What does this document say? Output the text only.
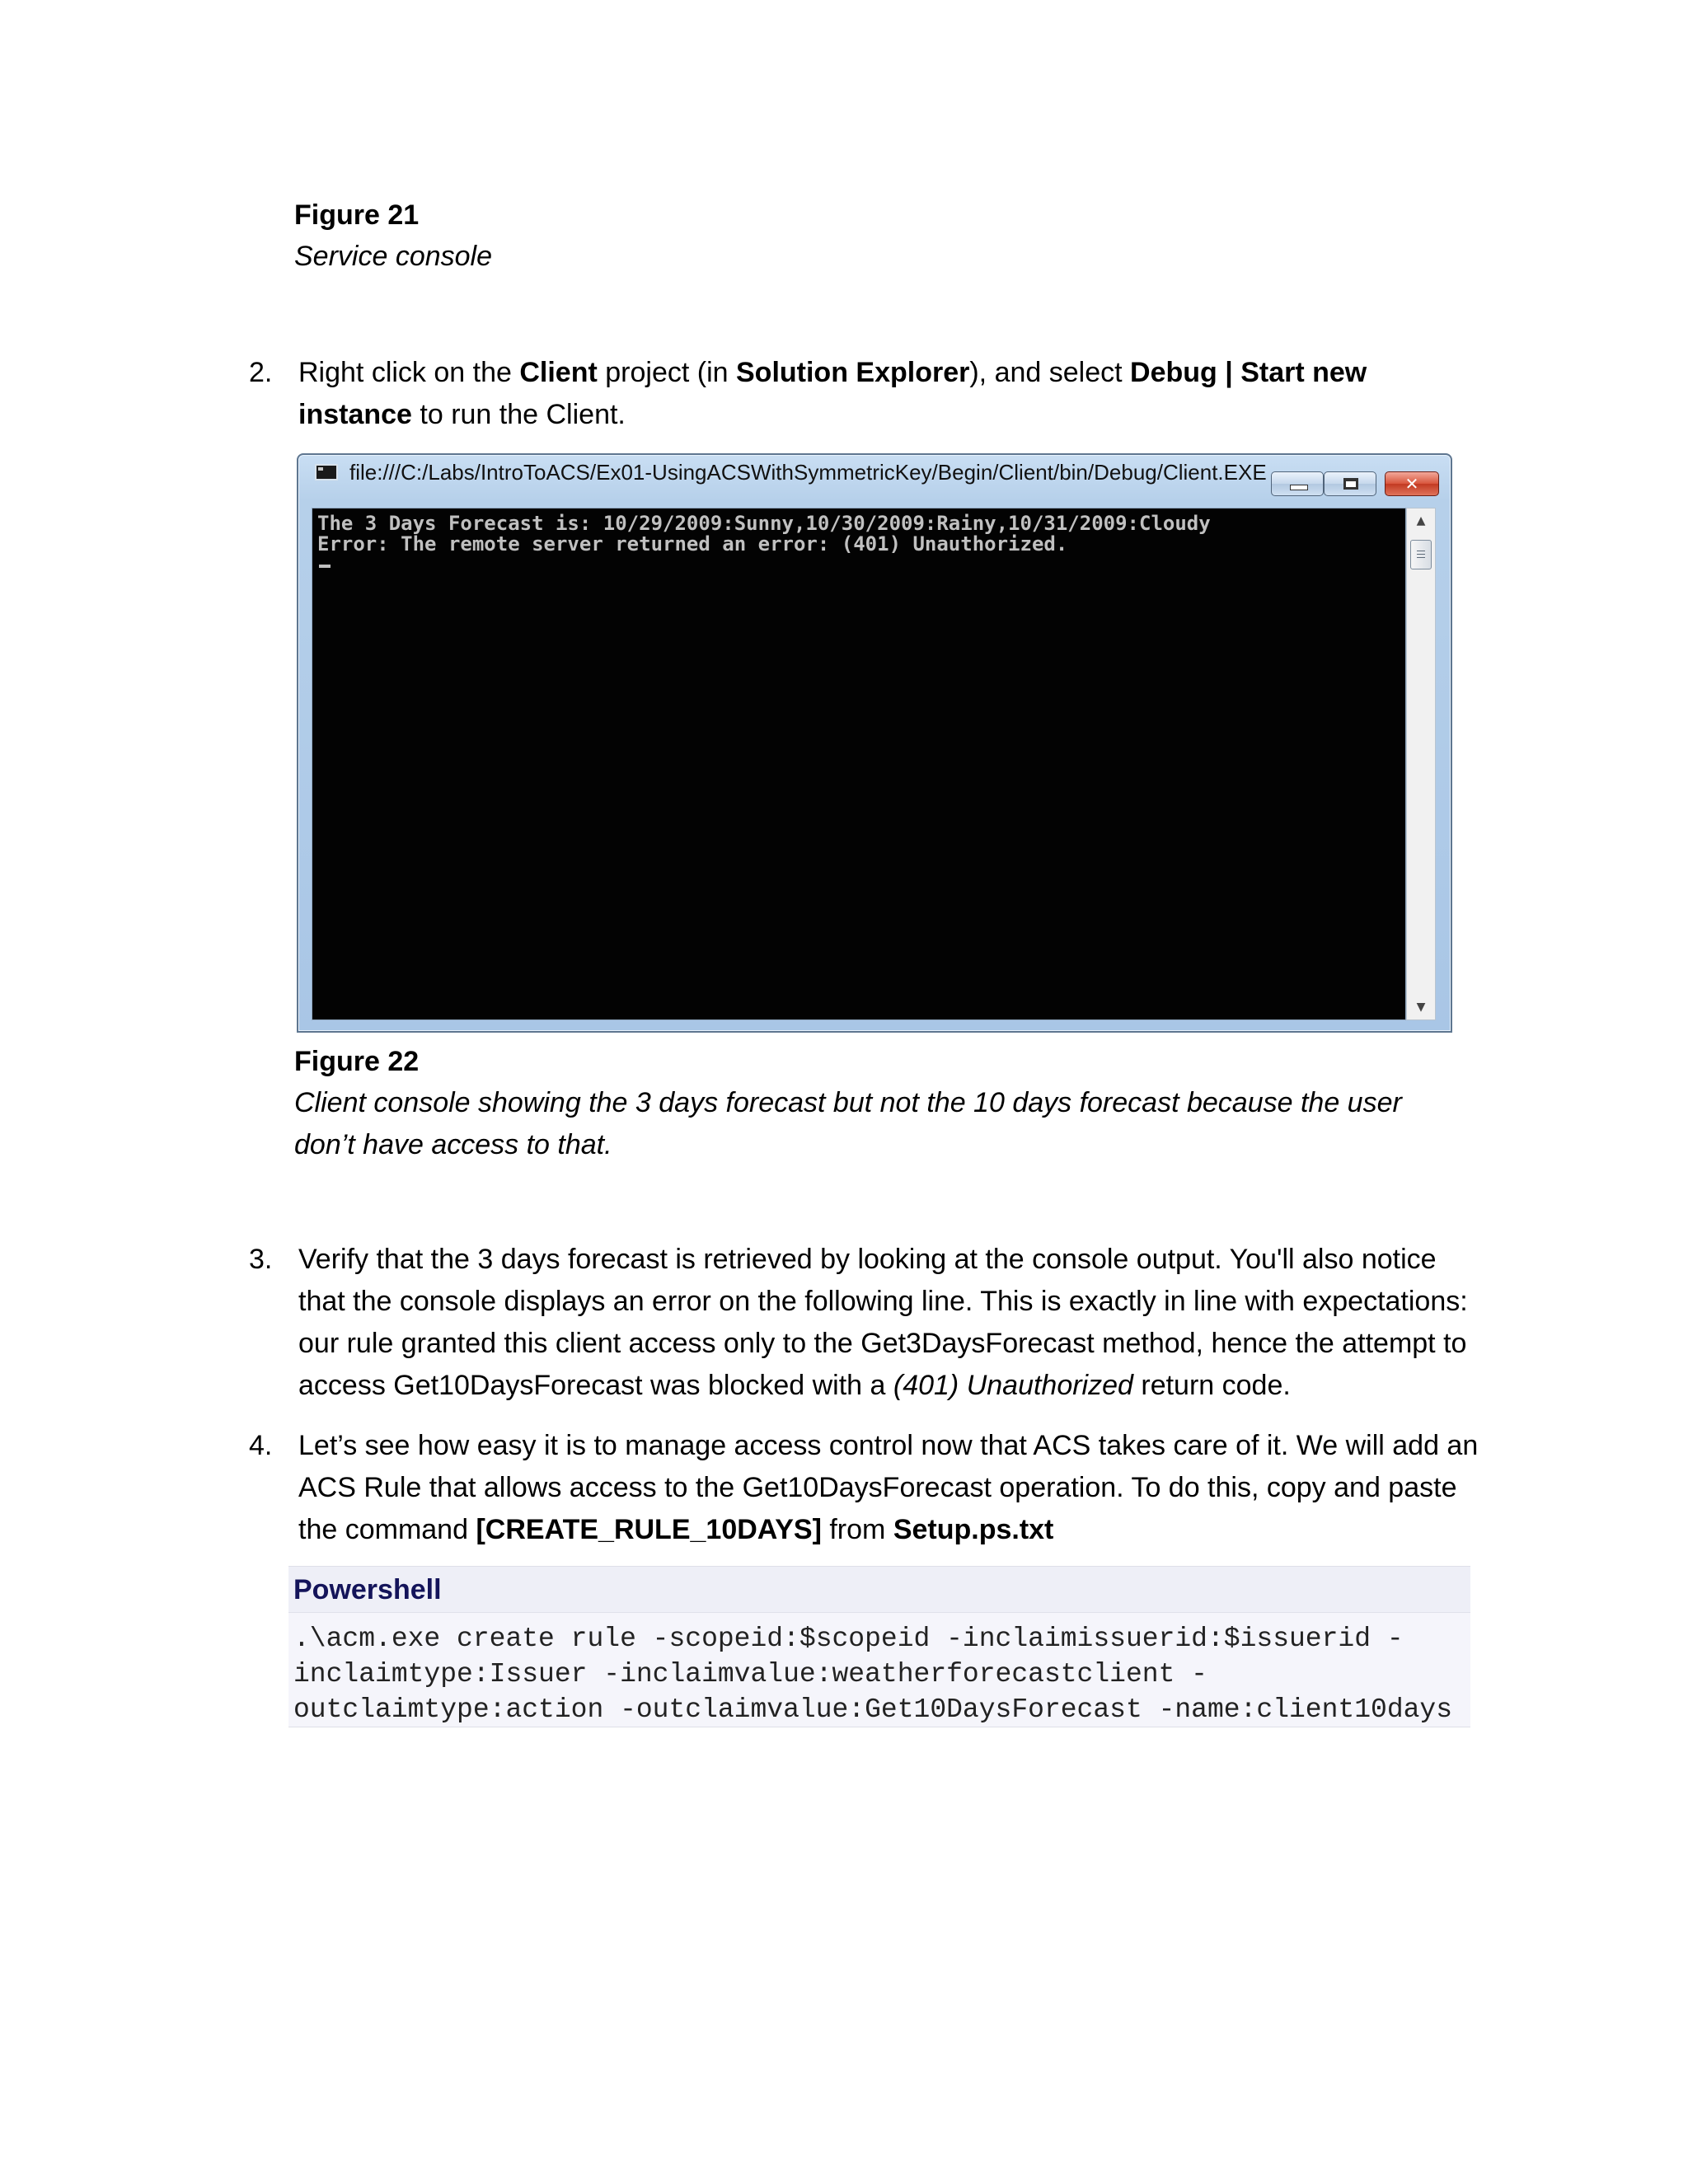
Figure 21
Service console
2. Right click on the Client project (in Solution Explorer), and select Debug | Start new instance to run the Client.
file:///C:/Labs/IntroToACS/Ex01-UsingACSWithSymmetricKey/Begin/Client/bin/Debug/Client.EXE	✕
The 3 Days Forecast is: 10/29/2009:Sunny,10/30/2009:Rainy,10/31/2009:Cloudy
Error: The remote server returned an error: (401) Unauthorized.
▲
▼
Figure 22
Client console showing the 3 days forecast but not the 10 days forecast because the user don’t have access to that.
3. Verify that the 3 days forecast is retrieved by looking at the console output. You'll also notice that the console displays an error on the following line. This is exactly in line with expectations: our rule granted this client access only to the Get3DaysForecast method, hence the attempt to access Get10DaysForecast was blocked with a (401) Unauthorized return code.
4. Let’s see how easy it is to manage access control now that ACS takes care of it. We will add an ACS Rule that allows access to the Get10DaysForecast operation. To do this, copy and paste the command [CREATE_RULE_10DAYS] from Setup.ps.txt
Powershell
.\acm.exe create rule -scopeid:$scopeid -inclaimissuerid:$issuerid -
inclaimtype:Issuer -inclaimvalue:weatherforecastclient -
outclaimtype:action -outclaimvalue:Get10DaysForecast -name:client10days
